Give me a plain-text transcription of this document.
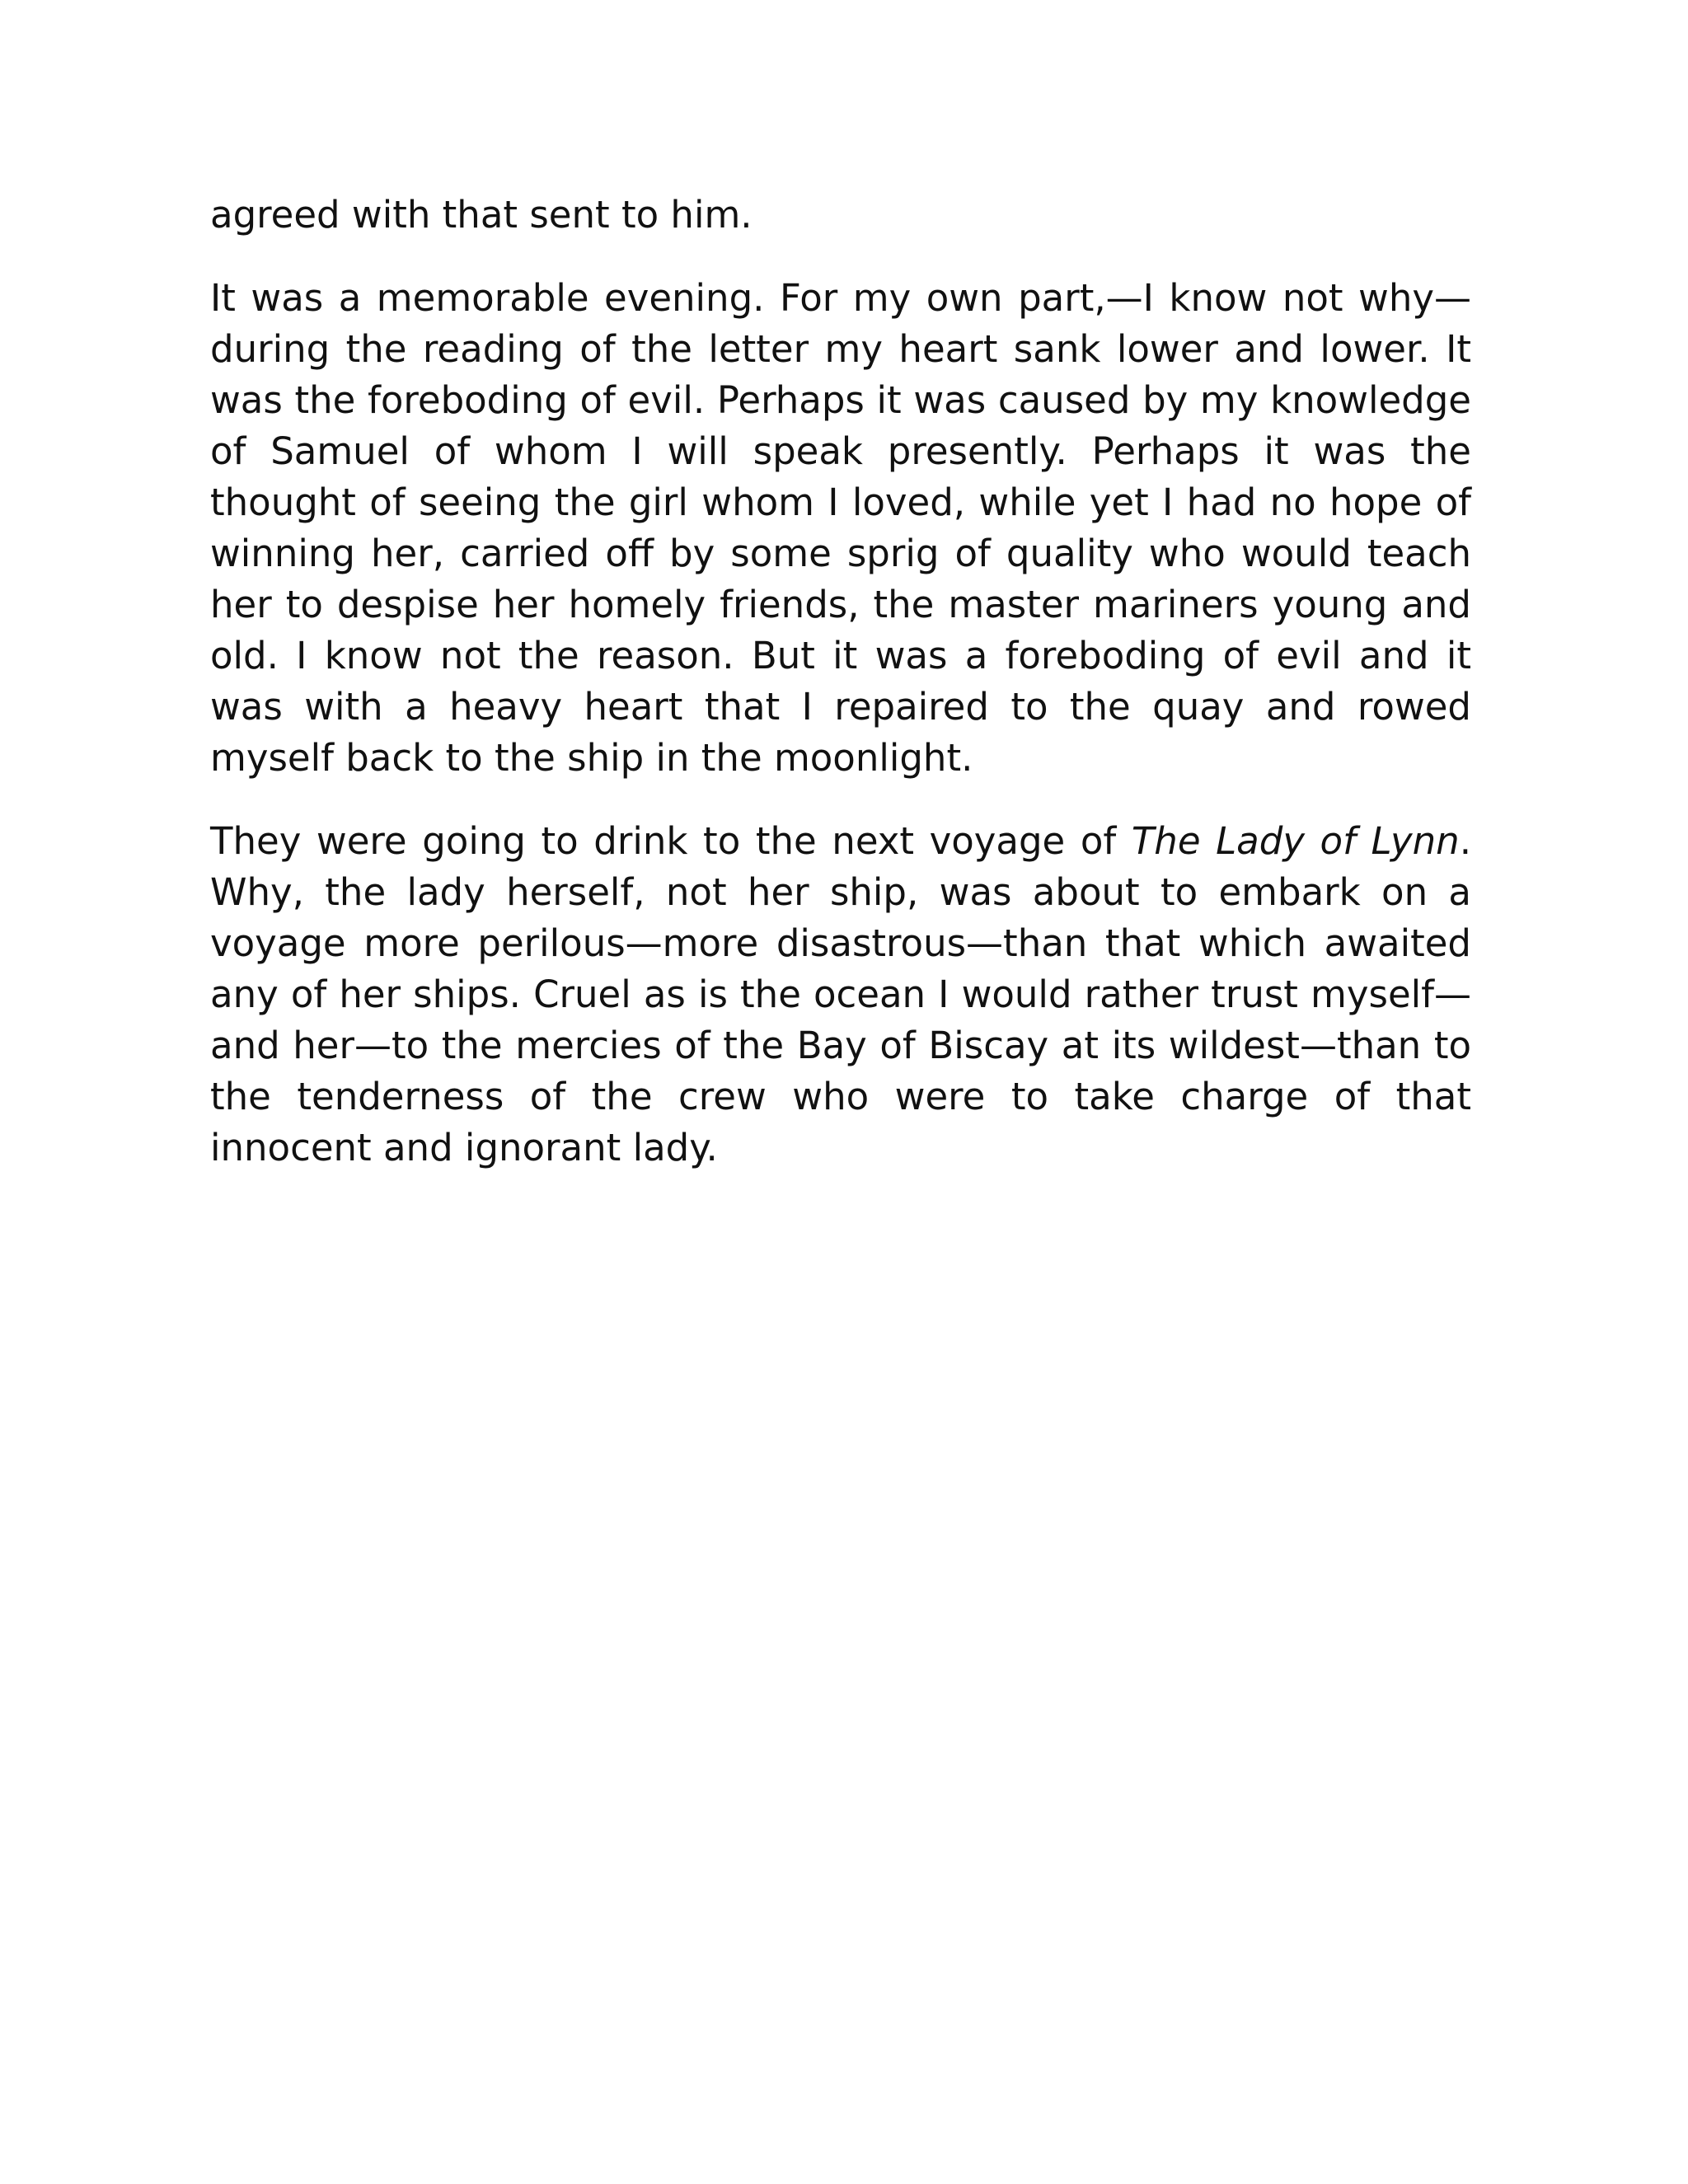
agreed with that sent to him.

It was a memorable evening. For my own part,—I know not why—during the reading of the letter my heart sank lower and lower. It was the foreboding of evil. Perhaps it was caused by my knowledge of Samuel of whom I will speak presently. Perhaps it was the thought of seeing the girl whom I loved, while yet I had no hope of winning her, carried off by some sprig of quality who would teach her to despise her homely friends, the master mariners young and old. I know not the reason. But it was a foreboding of evil and it was with a heavy heart that I repaired to the quay and rowed myself back to the ship in the moonlight.

They were going to drink to the next voyage of The Lady of Lynn. Why, the lady herself, not her ship, was about to embark on a voyage more perilous—more disastrous—than that which awaited any of her ships. Cruel as is the ocean I would rather trust myself—and her—to the mercies of the Bay of Biscay at its wildest—than to the tenderness of the crew who were to take charge of that innocent and ignorant lady.
